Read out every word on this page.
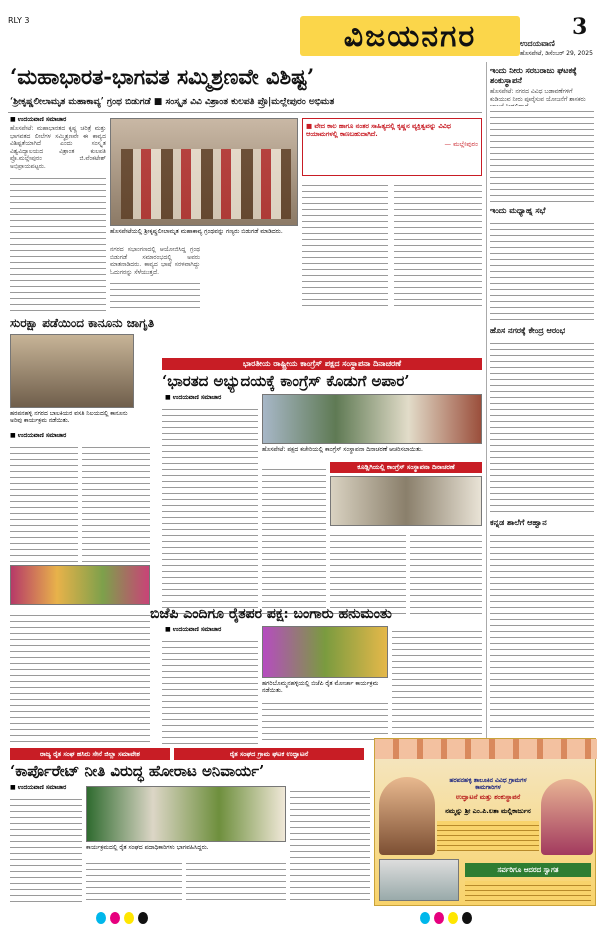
RLY 3	ವಿಜಯನಗರ	3
ಉದಯವಾಣಿ
ಹೊಸಪೇಟೆ, ಡಿಸೆಂಬರ್ 29, 2025
‘ಮಹಾಭಾರತ-ಭಾಗವತ ಸಮ್ಮಿಶ್ರಣವೇ ವಿಶಿಷ್ಟ’
‘ಶ್ರೀಕೃಷ್ಣಲೀಲಾಮೃತ ಮಹಾಕಾವ್ಯ’ ಗ್ರಂಥ ಬಿಡುಗಡೆ ■ ಸಂಸ್ಕೃತ ವಿವಿ ವಿಶ್ರಾಂತ ಕುಲಪತಿ ಪ್ರೊ|ಮಲ್ಲೇಪುರಂ ಅಭಿಮತ
■ ಉದಯವಾಣಿ ಸಮಾಚಾರ

ಹೊಸಪೇಟೆ: ಮಹಾಭಾರತದ ಕೃಷ್ಣ ಚರಿತ್ರೆ ಮತ್ತು ಭಾಗವತದ ಲೀಲೆಗಳ ಸಮ್ಮಿಶ್ರಣವೇ ಈ ಕಾವ್ಯದ ವಿಶಿಷ್ಟತೆಯಾಗಿದೆ ಎಂದು ಸಂಸ್ಕೃತ ವಿಶ್ವವಿದ್ಯಾಲಯದ ವಿಶ್ರಾಂತ ಕುಲಪತಿ ಪ್ರೊ.ಮಲ್ಲೇಪುರಂ ಜಿ.ವೆಂಕಟೇಶ್ ಅಭಿಪ್ರಾಯಪಟ್ಟರು.

ನಗರದ ಸಭಾಂಗಣದಲ್ಲಿ ಆಯೋಜಿಸಿದ್ದ ಗ್ರಂಥ ಬಿಡುಗಡೆ ಸಮಾರಂಭದಲ್ಲಿ ಅವರು ಮಾತನಾಡಿದರು. ಕಾವ್ಯದ ಭಾಷೆ ಸರಳವಾಗಿದ್ದು ಓದುಗರನ್ನು ಸೆಳೆಯುತ್ತದೆ.

ಹೊಸಪೇಟೆಯಲ್ಲಿ ಶ್ರೀಕೃಷ್ಣಲೀಲಾಮೃತ ಮಹಾಕಾವ್ಯ ಗ್ರಂಥವನ್ನು ಗಣ್ಯರು ಬಿಡುಗಡೆ ಮಾಡಿದರು.
■ ವೇದ ಕಾಲ ಹಾಗೂ ನಂತರ ಸಾಹಿತ್ಯದಲ್ಲಿ ಕೃಷ್ಣನ ವ್ಯಕ್ತಿತ್ವವನ್ನು ವಿವಿಧ ಆಯಾಮಗಳಲ್ಲಿ ಕಾಣಬಹುದಾಗಿದೆ.
— ಮಲ್ಲೇಪುರಂ
ಸುರಕ್ಷಾ ಪಡೆಯಿಂದ ಕಾನೂನು ಜಾಗೃತಿ
ಹರಪನಹಳ್ಳಿ ನಗರದ ಬಾಲಕಿಯರ ವಸತಿ ನಿಲಯದಲ್ಲಿ ಕಾನೂನು ಅರಿವು ಕಾರ್ಯಕ್ರಮ ನಡೆಯಿತು.
■ ಉದಯವಾಣಿ ಸಮಾಚಾರ
ಭಾರತೀಯ ರಾಷ್ಟ್ರೀಯ ಕಾಂಗ್ರೆಸ್ ಪಕ್ಷದ ಸಂಸ್ಥಾಪನಾ ದಿನಾಚರಣೆ
‘ಭಾರತದ ಅಭ್ಯುದಯಕ್ಕೆ ಕಾಂಗ್ರೆಸ್ ಕೊಡುಗೆ ಅಪಾರ’
■ ಉದಯವಾಣಿ ಸಮಾಚಾರ
ಹೊಸಪೇಟೆ: ಪಕ್ಷದ ಕಚೇರಿಯಲ್ಲಿ ಕಾಂಗ್ರೆಸ್ ಸಂಸ್ಥಾಪನಾ ದಿನಾಚರಣೆ ಆಚರಿಸಲಾಯಿತು.
ಕೂಡ್ಲಿಗಿಯಲ್ಲಿ ಕಾಂಗ್ರೆಸ್ ಸಂಸ್ಥಾಪನಾ ದಿನಾಚರಣೆ
ಬಿಜೆಪಿ ಎಂದಿಗೂ ರೈತಪರ ಪಕ್ಷ: ಬಂಗಾರು ಹನುಮಂತು
■ ಉದಯವಾಣಿ ಸಮಾಚಾರ
ಹಗರಿಬೊಮ್ಮನಹಳ್ಳಿಯಲ್ಲಿ ಬಿಜೆಪಿ ರೈತ ಮೋರ್ಚಾ ಕಾರ್ಯಕ್ರಮ ನಡೆಯಿತು.
ರಾಜ್ಯ ರೈತ ಸಂಘ ಹಸಿರು ಸೇನೆ ಜಿಲ್ಲಾ ಸಮಾವೇಶ	ರೈತ ಸಂಘದ ಗ್ರಾಮ ಘಟಕ ಉದ್ಘಾಟನೆ
‘ಕಾರ್ಪೊರೇಟ್ ನೀತಿ ವಿರುದ್ಧ ಹೋರಾಟ ಅನಿವಾರ್ಯ’
■ ಉದಯವಾಣಿ ಸಮಾಚಾರ
ಕಾರ್ಯಕ್ರಮದಲ್ಲಿ ರೈತ ಸಂಘದ ಪದಾಧಿಕಾರಿಗಳು ಭಾಗವಹಿಸಿದ್ದರು.
ಇಂದು ನೀರು ಸರಬರಾಜು ಘಟಕಕ್ಕೆ ಶಂಕುಸ್ಥಾಪನೆ
ಹೊಸಪೇಟೆ: ನಗರದ ವಿವಿಧ ಬಡಾವಣೆಗಳಿಗೆ ಕುಡಿಯುವ ನೀರು ಪೂರೈಸುವ ಯೋಜನೆಗೆ ಶಾಸಕರು
ಇಂದು ಮಧ್ಯಾಹ್ನ ಸಭೆ
ಹೊಸ ನಗರಕ್ಕೆ ಕೇಂದ್ರ ಆರಂಭ
ಕನ್ನಡ ಶಾಲೆಗೆ ಆಹ್ವಾನ
ಹರಪನಹಳ್ಳಿ ತಾಲೂಕಿನ ವಿವಿಧ ಗ್ರಾಮಗಳ ಕಾಮಗಾರಿಗಳ
ಉದ್ಘಾಟನೆ ಮತ್ತು ಶಂಕುಸ್ಥಾಪನೆ
ನಮ್ಮನ್ನು ಶ್ರೀ ಎಂ.ಪಿ.ಲತಾ ಮಲ್ಲಿಕಾರ್ಜುನ
ಸರ್ವರಿಗೂ ಆದರದ ಸ್ವಾಗತ
